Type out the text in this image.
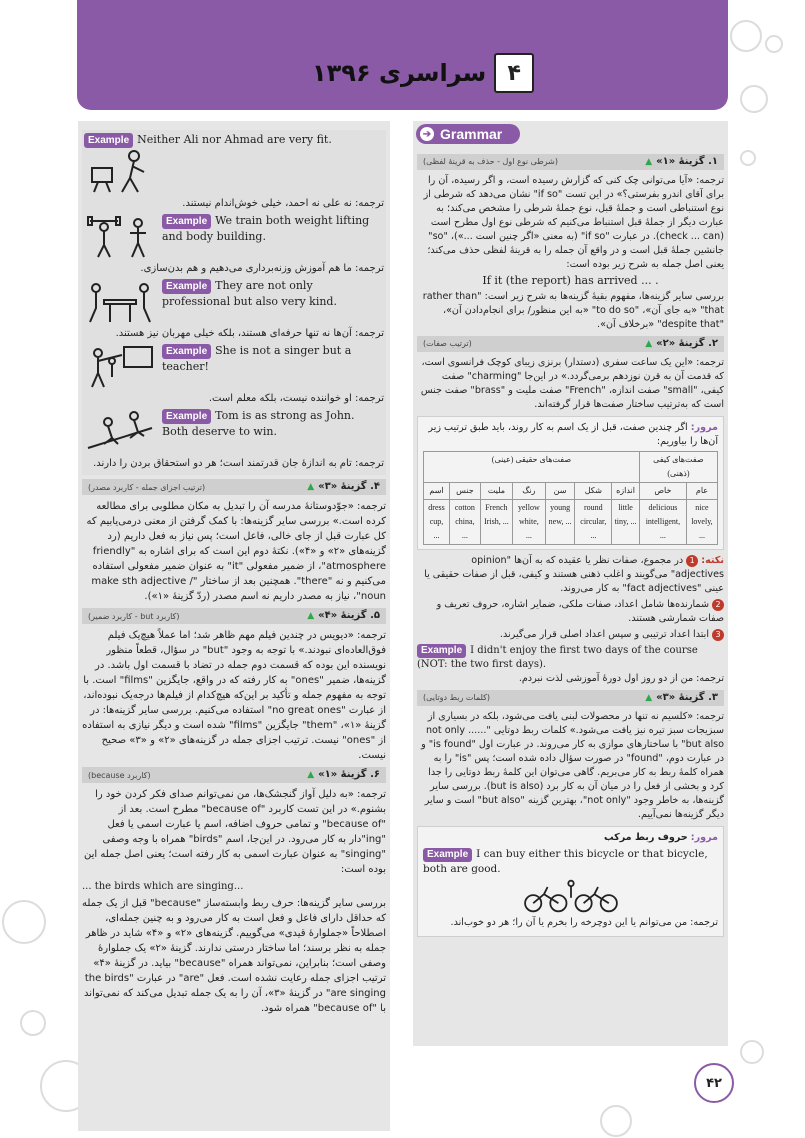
۴
سراسری ۱۳۹۶
Example Neither Ali nor Ahmad are very fit.

ترجمه: نه علی نه احمد، خیلی خوش‌اندام نیستند.

Example We train both weight lifting and body building.

ترجمه: ما هم آموزش وزنه‌برداری می‌دهیم و هم بدن‌سازی.

Example They are not only professional but also very kind.

ترجمه: آن‌ها نه تنها حرفه‌ای هستند، بلکه خیلی مهربان نیز هستند.

Example She is not a singer but a teacher!

ترجمه: او خواننده نیست، بلکه معلم است.

Example Tom is as strong as John. Both deserve to win.

ترجمه: تام به اندازهٔ جان قدرتمند است؛ هر دو استحقاق بردن را دارند.

۴. گزینهٔ «۳»▲
(ترتیب اجزای جمله - کاربرد مصدر)

ترجمه: «جوّدوستانهٔ مدرسه آن را تبدیل به مکان مطلوبی برای مطالعه کرده است.» بررسی سایر گزینه‌ها: با کمک گرفتن از معنی درمی‌یابیم که کل عبارت قبل از جای خالی، فاعل است؛ پس نیاز به فعل داریم (رد گزینه‌های «۲» و «۴»). نکتهٔ دوم این است که برای اشاره به "friendly atmosphere"، از ضمیر مفعولی "it" به عنوان ضمیر مفعولی استفاده می‌کنیم و نه "there". همچنین بعد از ساختار "make sth adjective / noun"، نیاز به مصدر داریم نه اسم مصدر (ردّ گزینهٔ «۱»).

۵. گزینهٔ «۴»▲
(کاربرد but - کاربرد ضمیر)

ترجمه: «دیویس در چندین فیلم مهم ظاهر شد؛ اما عملاً هیچ‌یک فیلم فوق‌العاده‌ای نبودند.» با توجه به وجود "but" در سؤال، قطعاً منظور نویسنده این بوده که قسمت دوم جمله در تضاد با قسمت اول باشد. در گزینه‌ها، ضمیر "ones" به کار رفته که در واقع، جایگزین "films" است. با توجه به مفهوم جمله و تأکید بر این‌که هیچ‌کدام از فیلم‌ها درجه‌یک نبوده‌اند، از عبارت "no great ones" استفاده می‌کنیم. بررسی سایر گزینه‌ها: در گزینهٔ «۱»، "them" جایگزین "films" شده است و دیگر نیازی به استفاده از "ones" نیست. ترتیب اجزای جمله در گزینه‌های «۲» و «۳» صحیح نیست.

۶. گزینهٔ «۱»▲
(کاربرد because)

ترجمه: «به دلیل آواز گنجشک‌ها، من نمی‌توانم صدای فکر کردن خود را بشنوم.» در این تست کاربرد "because of" مطرح است. بعد از "because of" و تمامی حروف اضافه، اسم یا عبارت اسمی یا فعل "ing"‌دار به کار می‌رود. در این‌جا، اسم "birds" همراه با وجه وصفی "singing" به عنوان عبارت اسمی به کار رفته است؛ یعنی اصل جمله این بوده است:

... the birds which are singing...

بررسی سایر گزینه‌ها: حرف ربط وابسته‌ساز "because" قبل از یک جمله که حداقل دارای فاعل و فعل است به کار می‌رود و به چنین جمله‌ای، اصطلاحاً «جملوارهٔ قیدی» می‌گوییم. گزینه‌های «۲» و «۴» شاید در ظاهر جمله به نظر برسند؛ اما ساختار درستی ندارند. گزینهٔ «۲» یک جملوارهٔ وصفی است؛ بنابراین، نمی‌تواند همراه "because" بیاید. در گزینهٔ «۴» ترتیب اجزای جمله رعایت نشده است. فعل "are" در عبارت "the birds are singing" در گزینهٔ «۳»، آن را به یک جمله تبدیل می‌کند که نمی‌تواند با "because of" همراه شود.

➔ Grammar
۱. گزینهٔ «۱»▲
(شرطی نوع اول - حذف به قرینهٔ لفظی)

ترجمه: «آیا می‌توانی چک کنی که گزارش رسیده است، و اگر رسیده، آن را برای آقای اندرو بفرستی؟» در این تست "if so" نشان می‌دهد که شرطی از نوع استنباطی است و جملهٔ قبل، نوع جملهٔ شرطی را مشخص می‌کند؛ به عبارت دیگر از جملهٔ قبل استنباط می‌کنیم که شرطی نوع اول مطرح است (check ... can). در عبارت "if so" (به معنی «اگر چنین است ...»)، "so" جانشین جملهٔ قبل است و در واقع آن جمله را به قرینهٔ لفظی حذف می‌کند؛ یعنی اصل جمله به شرح زیر بوده است:

If it (the report) has arrived ... .

بررسی سایر گزینه‌ها، مفهوم بقیهٔ گزینه‌ها به شرح زیر است: "rather than that" «به جای آن»، "to do so" «به این منظور/ برای انجام‌دادن آن»، "despite that" «برخلاف آن».

۲. گزینهٔ «۲»▲
(ترتیب صفات)

ترجمه: «این یک ساعت سفری (دستدار) برنزی زیبای کوچک فرانسوی است، که قدمت آن به قرن نوزدهم برمی‌گردد.» در این‌جا "charming" صفت کیفی، "small" صفت اندازه، "French" صفت ملیت و "brass" صفت جنس است که به‌ترتیب ساختار صفت‌ها قرار گرفته‌اند.

مرور: اگر چندین صفت، قبل از یک اسم به کار روند، باید طبق ترتیب زیر آن‌ها را بیاوریم:

صفت‌های حقیقی (عینی)							صفت‌های کیفی (ذهنی)	
اسم	جنس	ملیت	رنگ	سن	شکل	اندازه	خاص	عام
dress cup, ...	cotton china, ...	French Irish, ...	yellow white, ...	young new, ...	round circular, ...	little tiny, ...	delicious intelligent, ...	nice lovely, ...

نکته: 1در مجموع، صفات نظر یا عقیده که به آن‌ها "opinion adjectives" می‌گویند و اغلب ذهنی هستند و کیفی، قبل از صفات حقیقی یا عینی "fact adjectives" به کار می‌روند.

2شمارنده‌ها شامل اعداد، صفات ملکی، ضمایر اشاره، حروف تعریف و صفات شمارشی هستند.

3ابتدا اعداد ترتیبی و سپس اعداد اصلی قرار می‌گیرند.

Example I didn't enjoy the first two days of the course (NOT: the two first days).

ترجمه: من از دو روز اول دورهٔ آموزشی لذت نبردم.

۳. گزینهٔ «۳»▲
(کلمات ربط دوتایی)

ترجمه: «کلسیم نه تنها در محصولات لبنی یافت می‌شود، بلکه در بسیاری از سبزیجات سبز تیره نیز یافت می‌شود.» کلمات ربط دوتایی "not only ...... but also" با ساختارهای موازی به کار می‌روند. در عبارت اول "is found" و در عبارت دوم، "found" در صورت سؤال داده شده است؛ پس "is" را به همراه کلمهٔ ربط به کار می‌بریم. گاهی می‌توان این کلمهٔ ربط دوتایی را جدا کرد و بخشی از فعل را در میان آن به کار برد (but is also). بررسی سایر گزینه‌ها، به خاطر وجود "not only"، بهترین گزینه "but also" است و سایر دیگر گزینه‌ها نمی‌آییم.

مرور: حروف ربط مرکب

Example I can buy either this bicycle or that bicycle, both are good.

ترجمه: من می‌توانم یا این دوچرخه را بخرم یا آن را؛ هر دو خوب‌اند.

۴۲
